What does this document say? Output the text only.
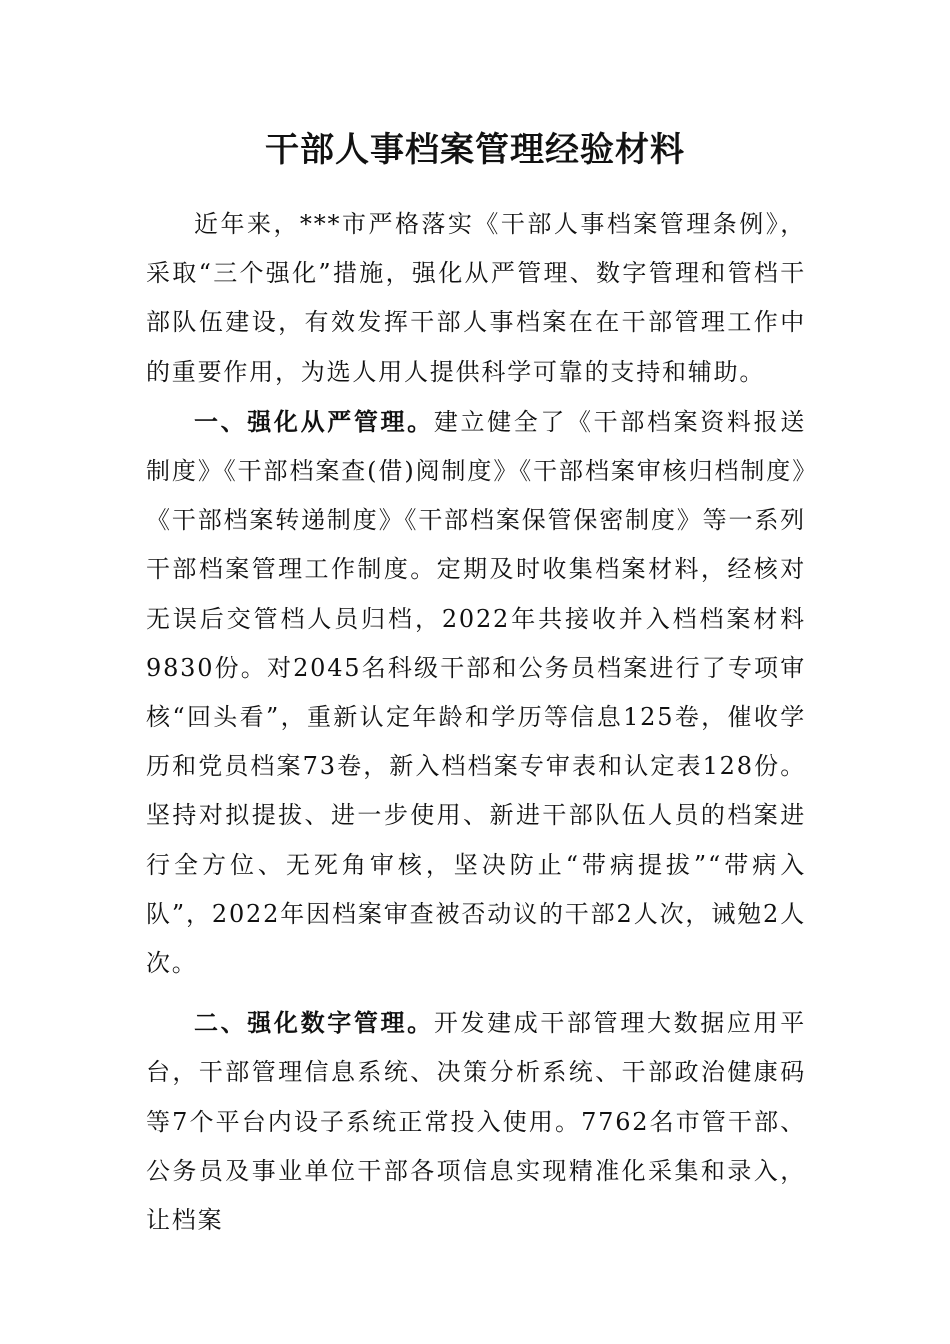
干部人事档案管理经验材料

近年来，***市严格落实《干部人事档案管理条例》，采取“三个强化”措施，强化从严管理、数字管理和管档干部队伍建设，有效发挥干部人事档案在在干部管理工作中的重要作用，为选人用人提供科学可靠的支持和辅助。

一、强化从严管理。建立健全了《干部档案资料报送制度》《干部档案查(借)阅制度》《干部档案审核归档制度》《干部档案转递制度》《干部档案保管保密制度》等一系列干部档案管理工作制度。定期及时收集档案材料，经核对无误后交管档人员归档，2022年共接收并入档档案材料9830份。对2045名科级干部和公务员档案进行了专项审核“回头看”，重新认定年龄和学历等信息125卷，催收学历和党员档案73卷，新入档档案专审表和认定表128份。坚持对拟提拔、进一步使用、新进干部队伍人员的档案进行全方位、无死角审核，坚决防止“带病提拔”“带病入队”，2022年因档案审查被否动议的干部2人次，诫勉2人次。

二、强化数字管理。开发建成干部管理大数据应用平台，干部管理信息系统、决策分析系统、干部政治健康码等7个平台内设子系统正常投入使用。7762名市管干部、公务员及事业单位干部各项信息实现精准化采集和录入，让档案
